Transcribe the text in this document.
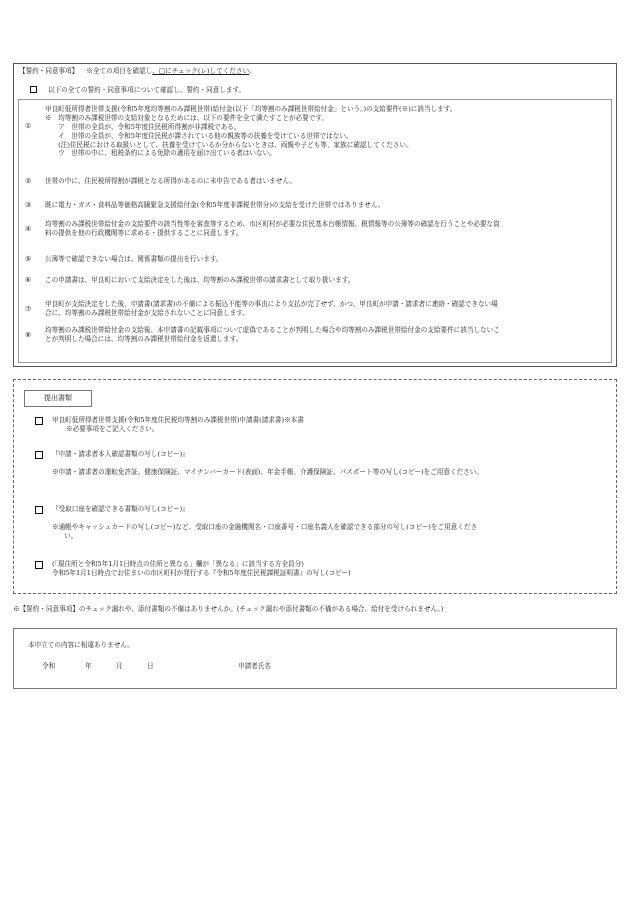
【誓約・同意事項】 ※全ての項目を確認し、□にチェック(レ)してください。
以下の全ての誓約・同意事項について確認し、誓約・同意します。
①
甲良町低所得者世帯支援(令和5年度均等割のみ課税世帯)給付金(以下「均等割のみ課税世帯給付金」という。)の支給要件(※)に該当します。
※　均等割のみ課税世帯の支給対象となるためには、以下の要件を全て満たすことが必要です。
　　ア　世帯の全員が、令和5年度住民税所得割が非課税である。
　　イ　世帯の全員が、令和5年度住民税が課されている他の親族等の扶養を受けている世帯ではない。
　　(注)住民税における取扱いとして、扶養を受けているか分からないときは、両親や子ども等、家族に確認してください。
　　ウ　世帯の中に、租税条約による免除の適用を届け出ている者はいない。
② 世帯の中に、住民税所得割が課税となる所得があるのに未申告である者はいません。
③ 既に電力・ガス・食料品等価格高騰緊急支援給付金(令和5年度非課税世帯分)の支給を受けた世帯ではありません。
④
均等割のみ課税世帯給付金の支給要件の該当性等を審査等するため、市区町村が必要な住民基本台帳情報、税情報等の公簿等の確認を行うことや必要な資
料の提供を他の行政機関等に求める・提供することに同意します。
⑤ 公簿等で確認できない場合は、関係書類の提出を行います。
⑥ この申請書は、甲良町において支給決定をした後は、均等割のみ課税世帯の請求書として取り扱います。
⑦
甲良町が支給決定をした後、申請書(請求書)の不備による振込不能等の事由により支払が完了せず、かつ、甲良町が申請・請求者に連絡・確認できない場
合に、均等割のみ課税世帯給付金が支給されないことに同意します。
⑧
均等割のみ課税世帯給付金の支給後、本申請書の記載事項について虚偽であることが判明した場合や均等割のみ課税世帯給付金の支給要件に該当しないこ
とが判明した場合には、均等割のみ課税世帯給付金を返還します。
提出書類
甲良町低所得者世帯支援(令和5年度住民税均等割のみ課税世帯)申請書(請求書)※本書
※必要事項をご記入ください。
『申請・請求者本人確認書類の写し(コピー)』
※申請・請求者の運転免許証、健康保険証、マイナンバーカード(表面)、年金手帳、介護保険証、パスポート等の写し(コピー)をご用意ください。
『受取口座を確認できる書類の写し(コピー)』
※通帳やキャッシュカードの写し(コピー)など、受取口座の金融機関名・口座番号・口座名義人を確認できる部分の写し(コピー)をご用意くださ
い。
(「現住所と令和5年1月1日時点の住所と異なる」欄が「異なる」に該当する方全員分)
令和5年1月1日時点でお住まいの市区町村が発行する『令和5年度住民税課税証明書』の写し(コピー)
※【誓約・同意事項】のチェック漏れや、添付書類の不備はありませんか。(チェック漏れや添付書類の不備がある場合、給付を受けられません。)
本申立ての内容に相違ありません。
令和	年	月	日	申請者氏名
